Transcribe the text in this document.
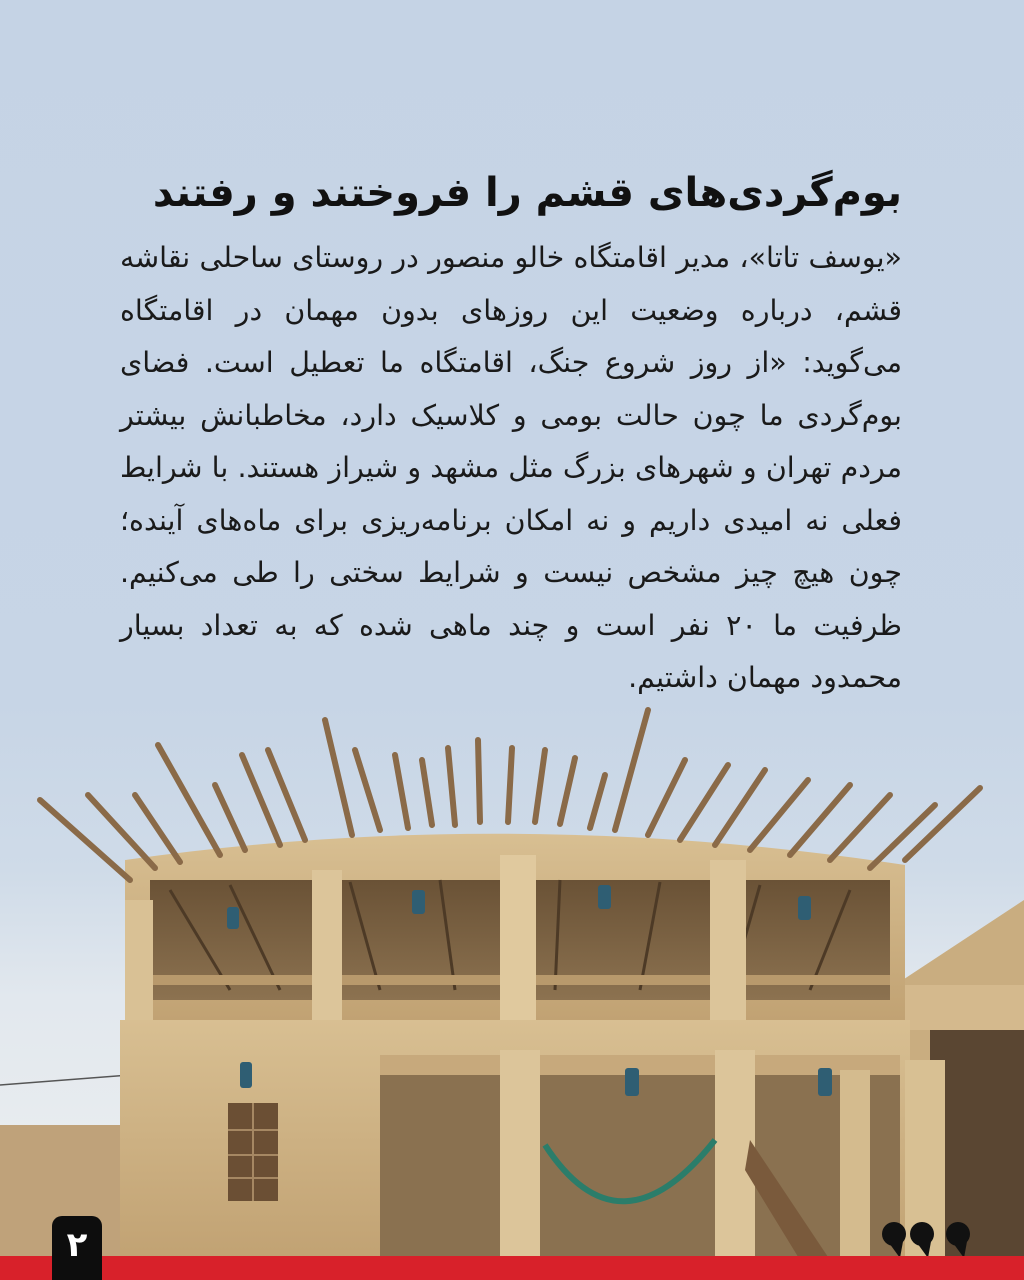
بوم‌گردی‌های قشم را فروختند و رفتند

«یوسف تاتا»، مدیر اقامتگاه خالو منصور در روستای ساحلی نقاشه قشم، درباره وضعیت این روزهای بدون مهمان در اقامتگاه می‌گوید: «از روز شروع جنگ، اقامتگاه ما تعطیل است. فضای بوم‌گردی ما چون حالت بومی و کلاسیک دارد، مخاطبانش بیشتر مردم تهران و شهرهای بزرگ مثل مشهد و شیراز هستند. با شرایط فعلی نه امیدی داریم و نه امکان برنامه‌ریزی برای ماه‌های آینده؛ چون هیچ چیز مشخص نیست و شرایط سختی را طی می‌کنیم. ظرفیت ما ۲۰ نفر است و چند ماهی شده که به تعداد بسیار محمدود مهمان داشتیم.

۲
